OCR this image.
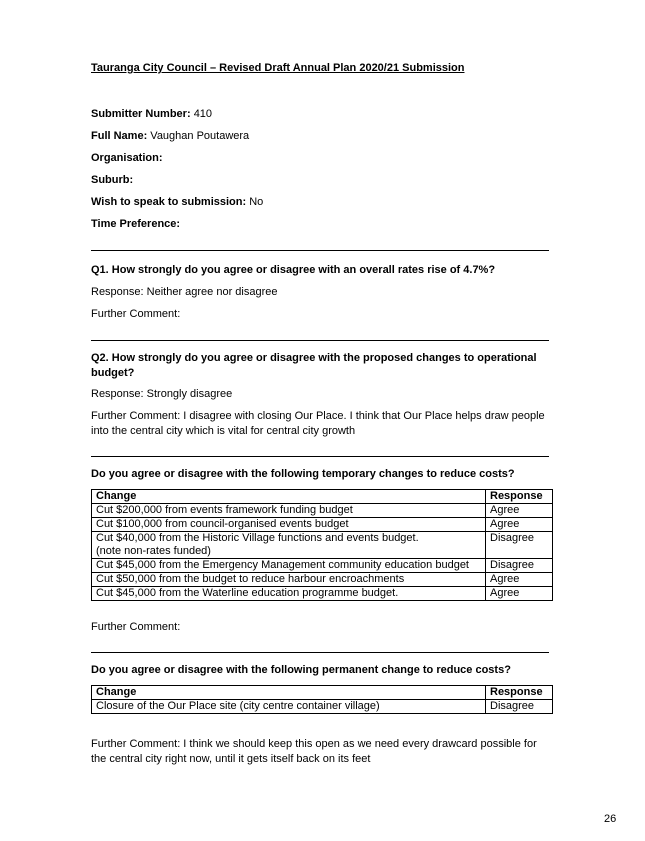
Tauranga City Council – Revised Draft Annual Plan 2020/21 Submission
Submitter Number: 410
Full Name: Vaughan Poutawera
Organisation:
Suburb:
Wish to speak to submission: No
Time Preference:
Q1. How strongly do you agree or disagree with an overall rates rise of 4.7%?
Response: Neither agree nor disagree
Further Comment:
Q2. How strongly do you agree or disagree with the proposed changes to operational budget?
Response: Strongly disagree
Further Comment: I disagree with closing Our Place. I think that Our Place helps draw people into the central city which is vital for central city growth
Do you agree or disagree with the following temporary changes to reduce costs?
Change	Response
Cut $200,000 from events framework funding budget	Agree
Cut $100,000 from council-organised events budget	Agree
Cut $40,000 from the Historic Village functions and events budget.
(note non-rates funded)	Disagree
Cut $45,000 from the Emergency Management community education budget	Disagree
Cut $50,000 from the budget to reduce harbour encroachments	Agree
Cut $45,000 from the Waterline education programme budget.	Agree
Further Comment:
Do you agree or disagree with the following permanent change to reduce costs?
Change	Response
Closure of the Our Place site (city centre container village)	Disagree
Further Comment: I think we should keep this open as we need every drawcard possible for the central city right now, until it gets itself back on its feet
26
